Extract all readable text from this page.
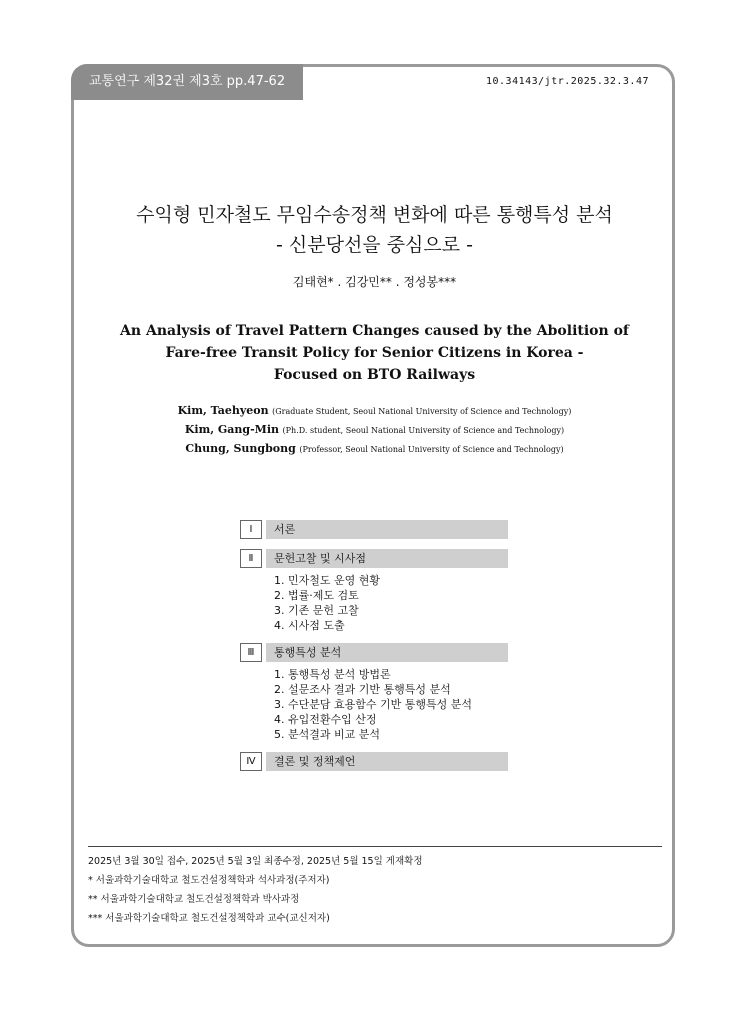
교통연구 제32권 제3호 pp.47-62	10.34143/jtr.2025.32.3.47
수익형 민자철도 무임수송정책 변화에 따른 통행특성 분석
- 신분당선을 중심으로 -
김태현* . 김강민** . 정성봉***
An Analysis of Travel Pattern Changes caused by the Abolition of
Fare-free Transit Policy for Senior Citizens in Korea -
Focused on BTO Railways
Kim, Taehyeon (Graduate Student, Seoul National University of Science and Technology)
Kim, Gang-Min (Ph.D. student, Seoul National University of Science and Technology)
Chung, Sungbong (Professor, Seoul National University of Science and Technology)
Ⅰ	서론
Ⅱ	문헌고찰 및 시사점
1. 민자철도 운영 현황
2. 법률·제도 검토
3. 기존 문헌 고찰
4. 시사점 도출
Ⅲ	통행특성 분석
1. 통행특성 분석 방법론
2. 설문조사 결과 기반 통행특성 분석
3. 수단분담 효용함수 기반 통행특성 분석
4. 유입전환수입 산정
5. 분석결과 비교 분석
Ⅳ	결론 및 정책제언
2025년 3월 30일 접수, 2025년 5월 3일 최종수정, 2025년 5월 15일 게재확정
* 서울과학기술대학교 철도건설정책학과 석사과정(주저자)
** 서울과학기술대학교 철도건설정책학과 박사과정
*** 서울과학기술대학교 철도건설정책학과 교수(교신저자)
